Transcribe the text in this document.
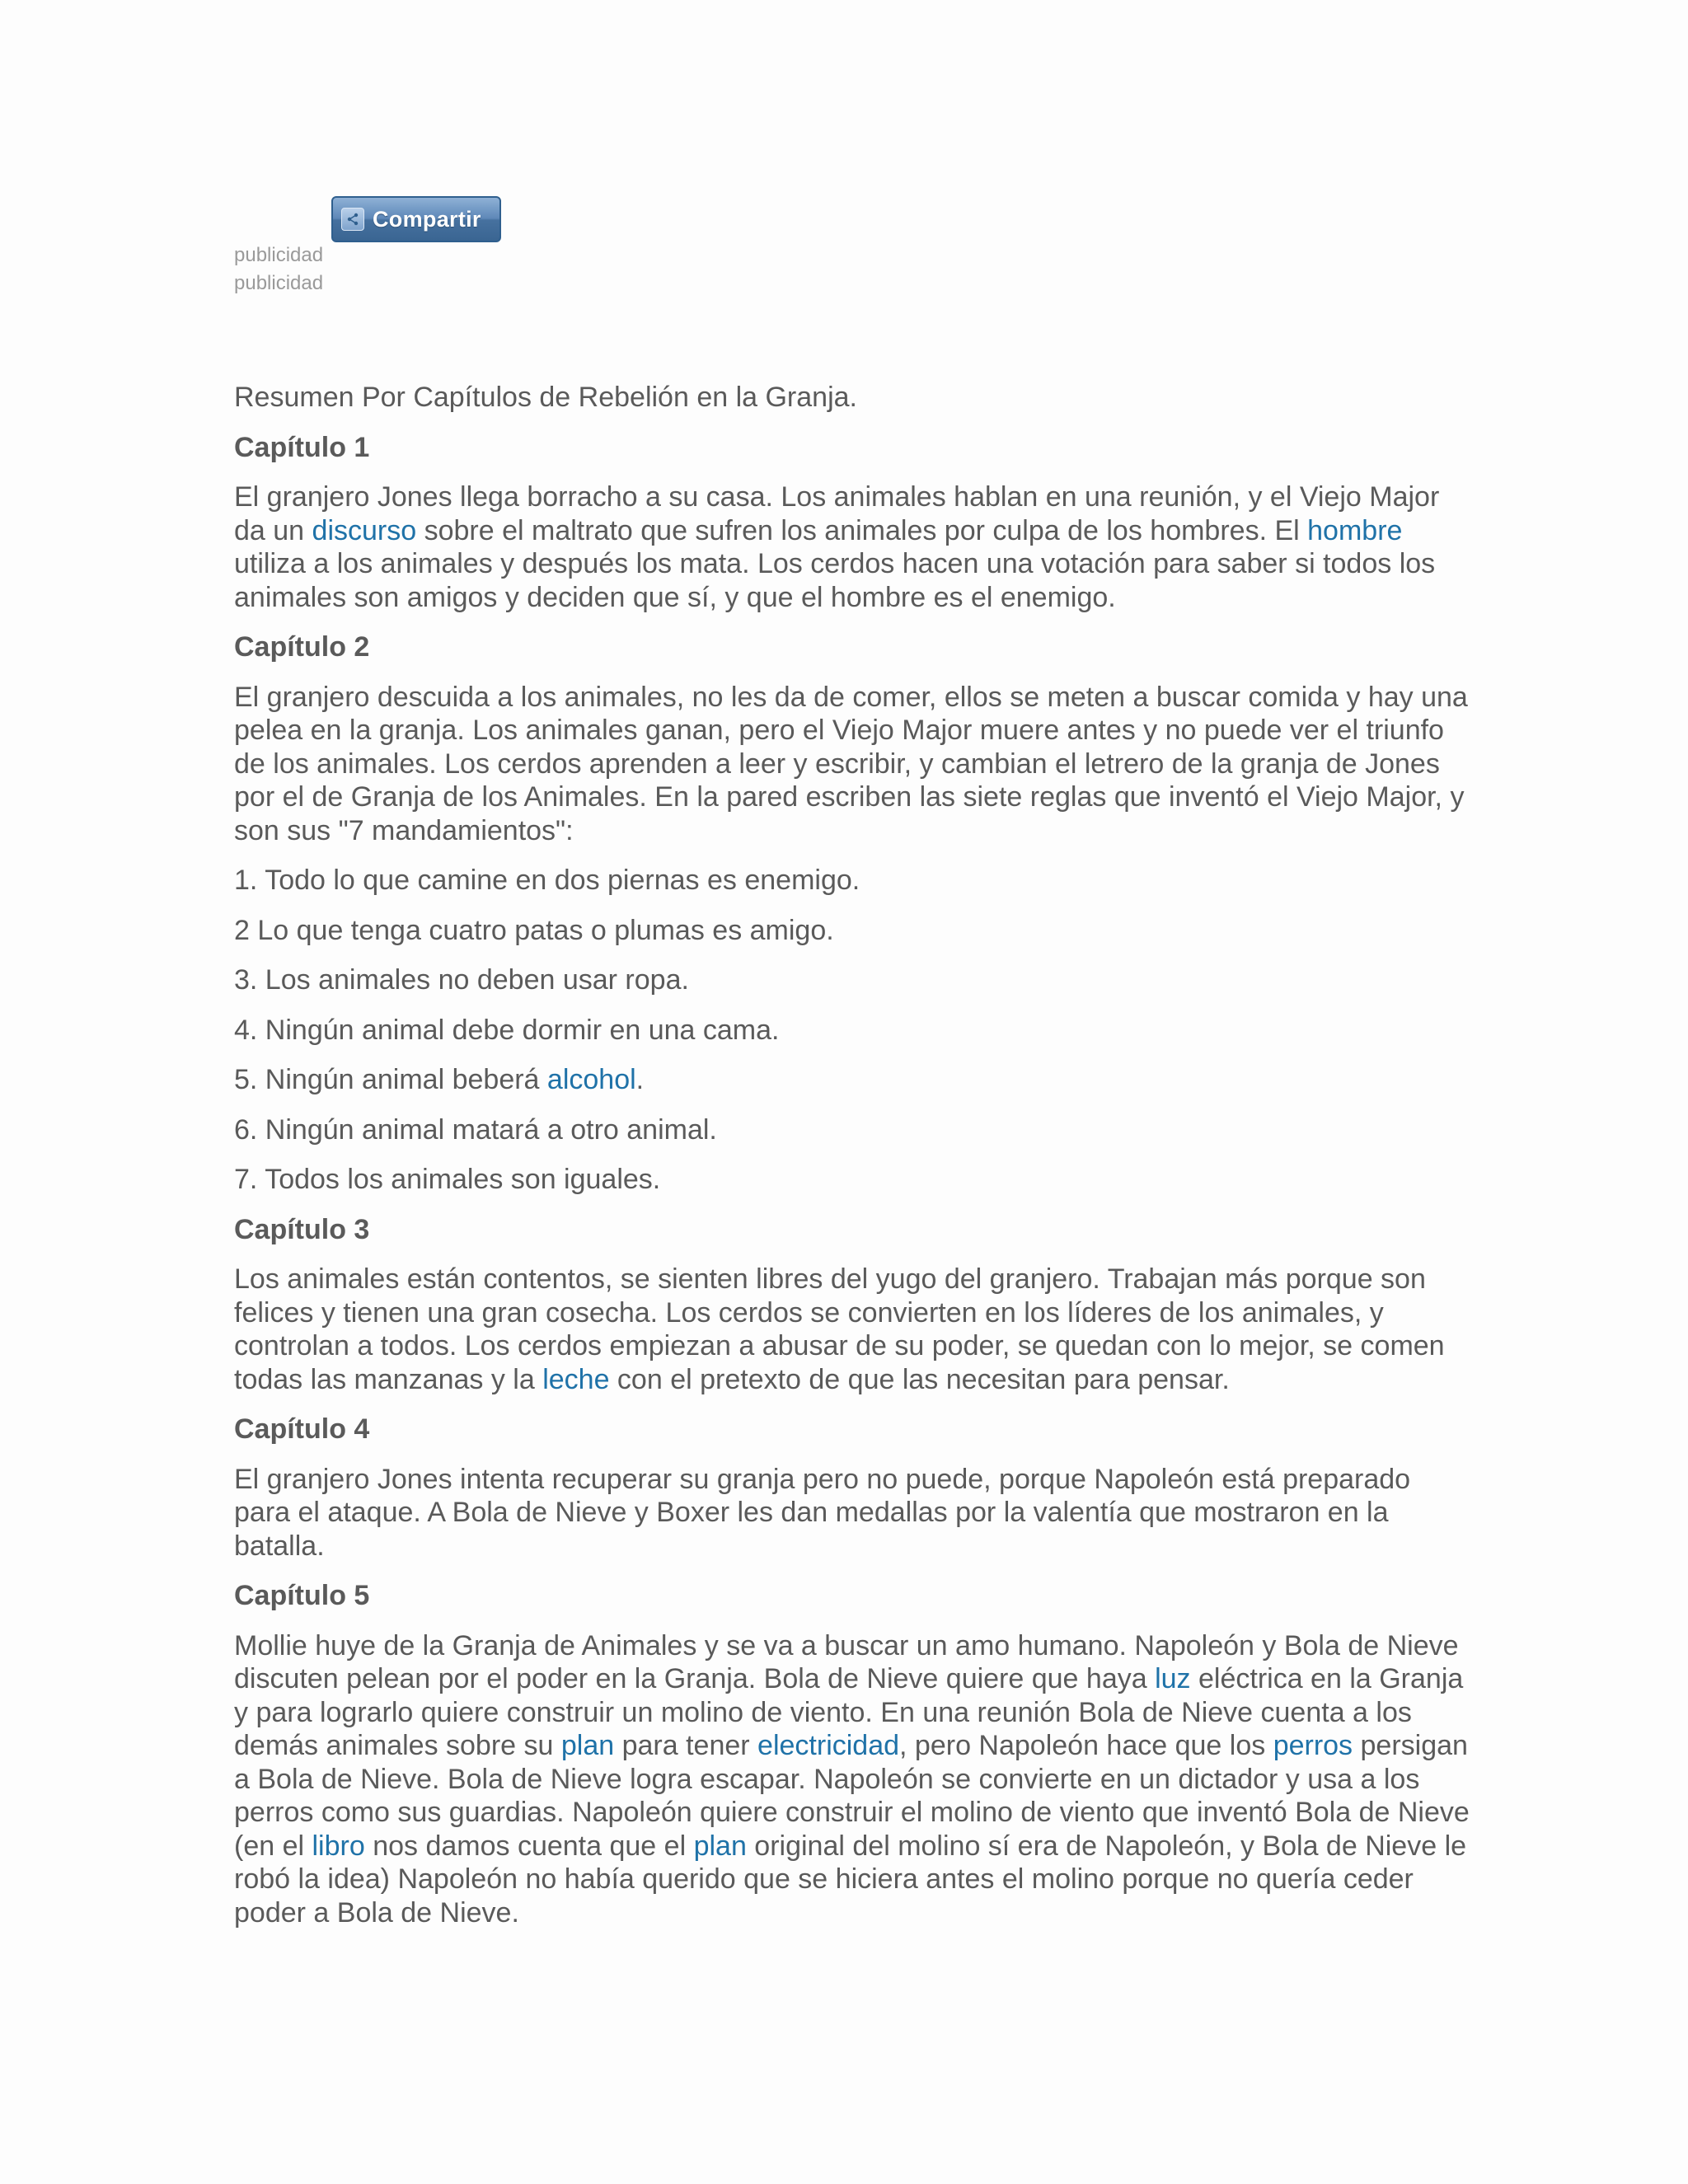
Compartir
publicidad
publicidad

Resumen Por Capítulos de Rebelión en la Granja.

Capítulo 1

El granjero Jones llega borracho a su casa. Los animales hablan en una reunión, y el Viejo Major da un discurso sobre el maltrato que sufren los animales por culpa de los hombres. El hombre utiliza a los animales y después los mata. Los cerdos hacen una votación para saber si todos los animales son amigos y deciden que sí, y que el hombre es el enemigo.

Capítulo 2

El granjero descuida a los animales, no les da de comer, ellos se meten a buscar comida y hay una pelea en la granja. Los animales ganan, pero el Viejo Major muere antes y no puede ver el triunfo de los animales. Los cerdos aprenden a leer y escribir, y cambian el letrero de la granja de Jones por el de Granja de los Animales. En la pared escriben las siete reglas que inventó el Viejo Major, y son sus "7 mandamientos":

1. Todo lo que camine en dos piernas es enemigo.

2 Lo que tenga cuatro patas o plumas es amigo.

3. Los animales no deben usar ropa.

4. Ningún animal debe dormir en una cama.

5. Ningún animal beberá alcohol.

6. Ningún animal matará a otro animal.

7. Todos los animales son iguales.

Capítulo 3

Los animales están contentos, se sienten libres del yugo del granjero. Trabajan más porque son felices y tienen una gran cosecha. Los cerdos se convierten en los líderes de los animales, y controlan a todos. Los cerdos empiezan a abusar de su poder, se quedan con lo mejor, se comen todas las manzanas y la leche con el pretexto de que las necesitan para pensar.

Capítulo 4

El granjero Jones intenta recuperar su granja pero no puede, porque Napoleón está preparado para el ataque. A Bola de Nieve y Boxer les dan medallas por la valentía que mostraron en la batalla.

Capítulo 5

Mollie huye de la Granja de Animales y se va a buscar un amo humano. Napoleón y Bola de Nieve discuten pelean por el poder en la Granja. Bola de Nieve quiere que haya luz eléctrica en la Granja y para lograrlo quiere construir un molino de viento. En una reunión Bola de Nieve cuenta a los demás animales sobre su plan para tener electricidad, pero Napoleón hace que los perros persigan a Bola de Nieve. Bola de Nieve logra escapar. Napoleón se convierte en un dictador y usa a los perros como sus guardias. Napoleón quiere construir el molino de viento que inventó Bola de Nieve (en el libro nos damos cuenta que el plan original del molino sí era de Napoleón, y Bola de Nieve le robó la idea) Napoleón no había querido que se hiciera antes el molino porque no quería ceder poder a Bola de Nieve.
